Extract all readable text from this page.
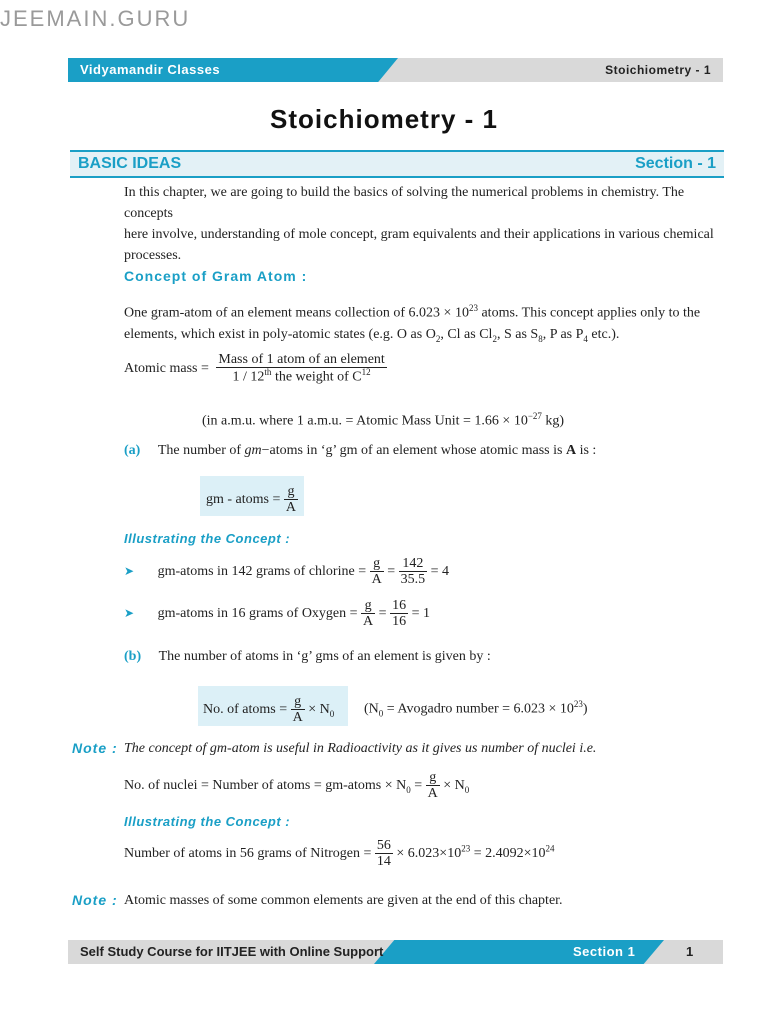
JEEMAIN.GURU
Vidyamandir Classes	Stoichiometry - 1
Stoichiometry - 1
BASIC IDEAS	Section - 1
In this chapter, we are going to build the basics of solving the numerical problems in chemistry. The concepts
here involve, understanding of mole concept, gram equivalents and their applications in various chemical
processes.
Concept of Gram Atom :
One gram-atom of an element means collection of $6.023 \times 10^{23}$ atoms. This concept applies only to the
elements, which exist in poly-atomic states (e.g. O as $O_2$, Cl as $Cl_2$, S as $S_8$, P as $P_4$ etc.).
Atomic mass = $\frac{\text{Mass of 1 atom of an element}}{1 / 12^{th} the weight of C^{12}}$
(in a.m.u. where 1 a.m.u. = Atomic Mass Unit = $1.66 \times 10^{-27}$ kg)
(a) The number of gm−atoms in ‘g’ gm of an element whose atomic mass is A is :
gm - atoms = $\frac{g}{A}$
Illustrating the Concept :
➤ gm-atoms in 142 grams of chlorine = $\frac{g}{A} = \frac{142}{35.5} = 4$
➤ gm-atoms in 16 grams of Oxygen = $\frac{g}{A} = \frac{16}{16} = 1$
(b) The number of atoms in ‘g’ gms of an element is given by :
No. of atoms = $\frac{g}{A} \times N_0$ ($N_0$ = Avogadro number = $6.023 \times 10^{23}$)
Note : The concept of gm-atom is useful in Radioactivity as it gives us number of nuclei i.e.
No. of nuclei = Number of atoms = gm-atoms × $N_0 = \frac{g}{A} \times N_0$
Illustrating the Concept :
Number of atoms in 56 grams of Nitrogen = $\frac{56}{14} \times 6.023\times 10^{23} = 2.4092\times 10^{24}$
Note : Atomic masses of some common elements are given at the end of this chapter.
Self Study Course for IITJEE with Online Support	Section 1	1
